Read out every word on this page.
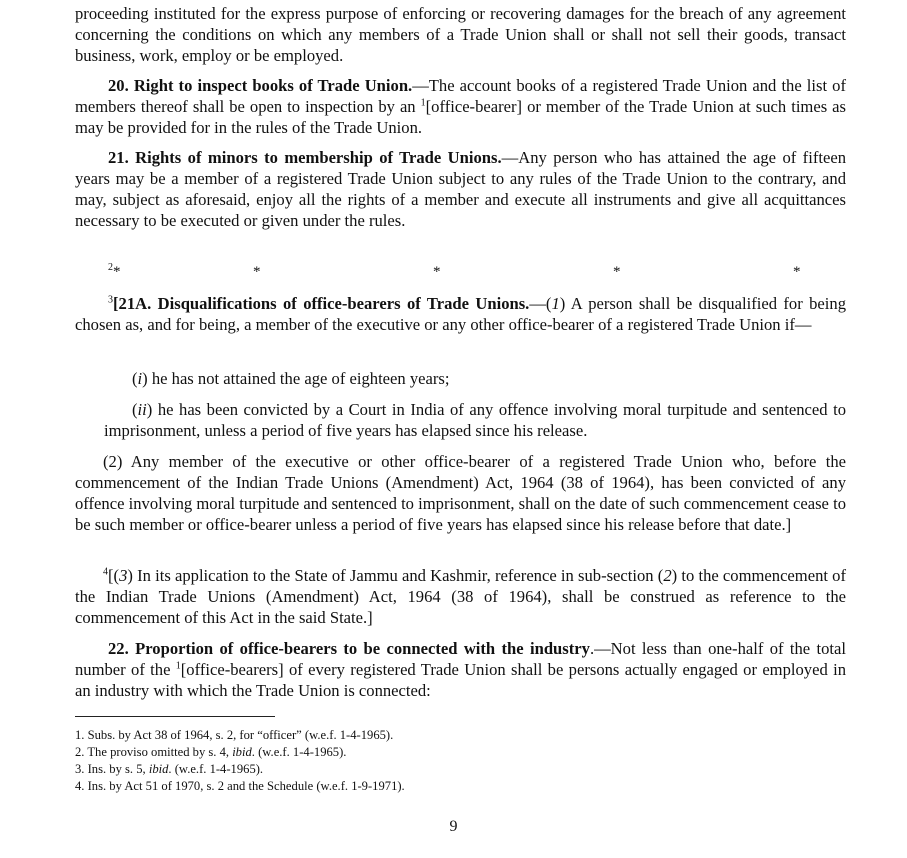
proceeding instituted for the express purpose of enforcing or recovering damages for the breach of any agreement concerning the conditions on which any members of a Trade Union shall or shall not sell their goods, transact business, work, employ or be employed.

20. Right to inspect books of Trade Union.—The account books of a registered Trade Union and the list of members thereof shall be open to inspection by an $^1$[office-bearer] or member of the Trade Union at such times as may be provided for in the rules of the Trade Union.

21. Rights of minors to membership of Trade Unions.—Any person who has attained the age of fifteen years may be a member of a registered Trade Union subject to any rules of the Trade Union to the contrary, and may, subject as aforesaid, enjoy all the rights of a member and execute all instruments and give all acquittances necessary to be executed or given under the rules.

$^2$*	*	*	*	*

$^3$[21A. Disqualifications of office-bearers of Trade Unions.—(1) A person shall be disqualified for being chosen as, and for being, a member of the executive or any other office-bearer of a registered Trade Union if—

(i) he has not attained the age of eighteen years;

(ii) he has been convicted by a Court in India of any offence involving moral turpitude and sentenced to imprisonment, unless a period of five years has elapsed since his release.

(2) Any member of the executive or other office-bearer of a registered Trade Union who, before the commencement of the Indian Trade Unions (Amendment) Act, 1964 (38 of 1964), has been convicted of any offence involving moral turpitude and sentenced to imprisonment, shall on the date of such commencement cease to be such member or office-bearer unless a period of five years has elapsed since his release before that date.]

$^4$[(3) In its application to the State of Jammu and Kashmir, reference in sub-section (2) to the commencement of the Indian Trade Unions (Amendment) Act, 1964 (38 of 1964), shall be construed as reference to the commencement of this Act in the said State.]

22. Proportion of office-bearers to be connected with the industry.—Not less than one-half of the total number of the $^1$[office-bearers] of every registered Trade Union shall be persons actually engaged or employed in an industry with which the Trade Union is connected:

1. Subs. by Act 38 of 1964, s. 2, for “officer” (w.e.f. 1-4-1965).
2. The proviso omitted by s. 4, ibid. (w.e.f. 1-4-1965).
3. Ins. by s. 5, ibid. (w.e.f. 1-4-1965).
4. Ins. by Act 51 of 1970, s. 2 and the Schedule (w.e.f. 1-9-1971).
9
